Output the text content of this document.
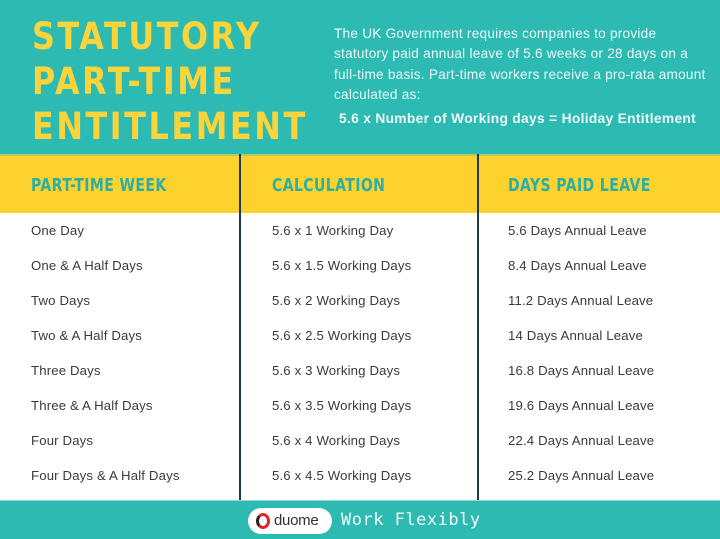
STATUTORY
PART-TIME
ENTITLEMENT

The UK Government requires companies to provide statutory paid annual leave of 5.6 weeks or 28 days on a full-time basis. Part-time workers receive a pro-rata amount calculated as:

5.6 x Number of Working days = Holiday Entitlement
PART-TIME WEEK	CALCULATION	DAYS PAID LEAVE
One Day	5.6 x 1 Working Day	5.6 Days Annual Leave
One & A Half Days	5.6 x 1.5 Working Days	8.4 Days Annual Leave
Two Days	5.6 x 2 Working Days	11.2 Days Annual Leave
Two & A Half Days	5.6 x 2.5 Working Days	14 Days Annual Leave
Three Days	5.6 x 3 Working Days	16.8 Days Annual Leave
Three & A Half Days	5.6 x 3.5 Working Days	19.6 Days Annual Leave
Four Days	5.6 x 4 Working Days	22.4 Days Annual Leave
Four Days & A Half Days	5.6 x 4.5 Working Days	25.2 Days Annual Leave
duome Work Flexibly
